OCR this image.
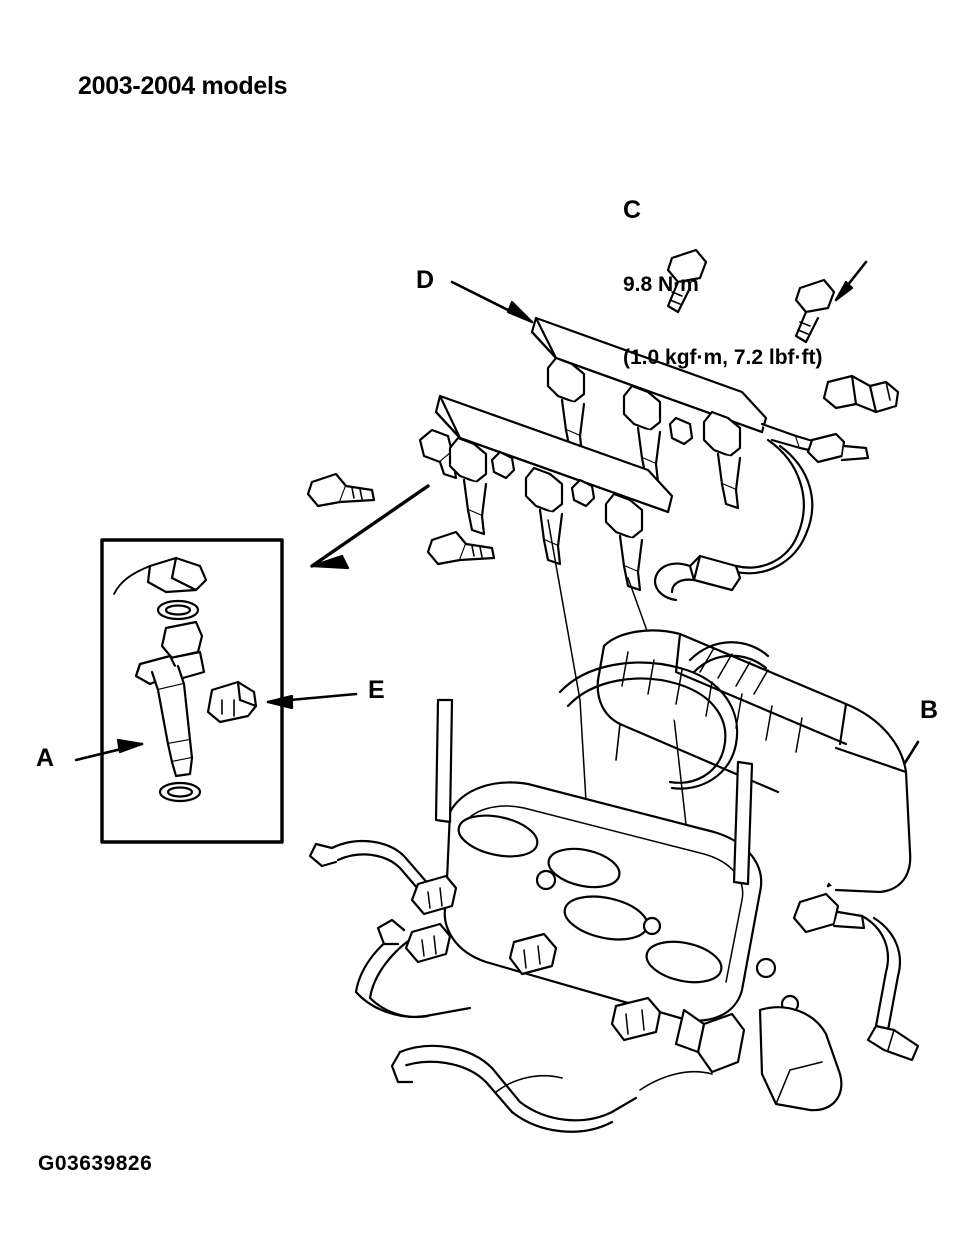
2003-2004 models

C

9.8 N·m

(1.0 kgf·m, 7.2 lbf·ft)

D
A
E
B
G03639826
